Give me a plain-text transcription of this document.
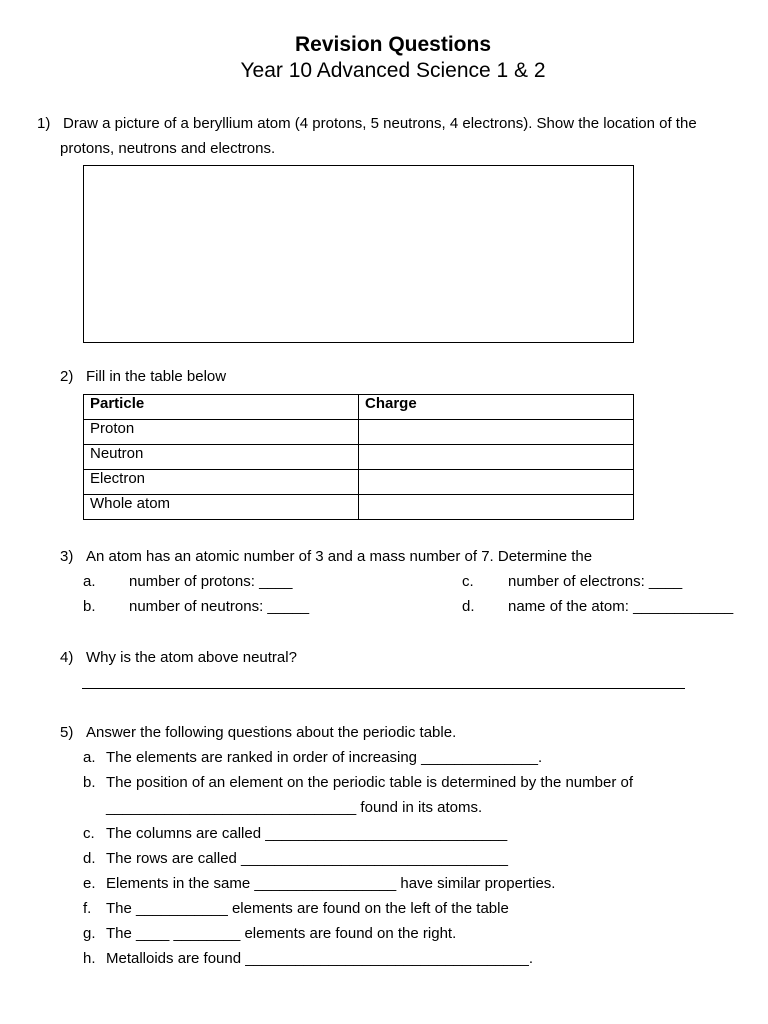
Revision Questions
Year 10 Advanced Science 1 & 2
1) Draw a picture of a beryllium atom (4 protons, 5 neutrons, 4 electrons). Show the location of the
protons, neutrons and electrons.
2) Fill in the table below
Particle	Charge
Proton	
Neutron	
Electron	
Whole atom	
3) An atom has an atomic number of 3 and a mass number of 7. Determine the
a. number of protons: ____
b. number of neutrons: _____
c. number of electrons: ____
d. name of the atom: ____________
4) Why is the atom above neutral?
5) Answer the following questions about the periodic table.
a. The elements are ranked in order of increasing ______________.
b. The position of an element on the periodic table is determined by the number of
______________________________ found in its atoms.
c. The columns are called _____________________________
d. The rows are called ________________________________
e. Elements in the same _________________ have similar properties.
f. The ___________ elements are found on the left of the table
g. The ____ ________ elements are found on the right.
h. Metalloids are found __________________________________.
